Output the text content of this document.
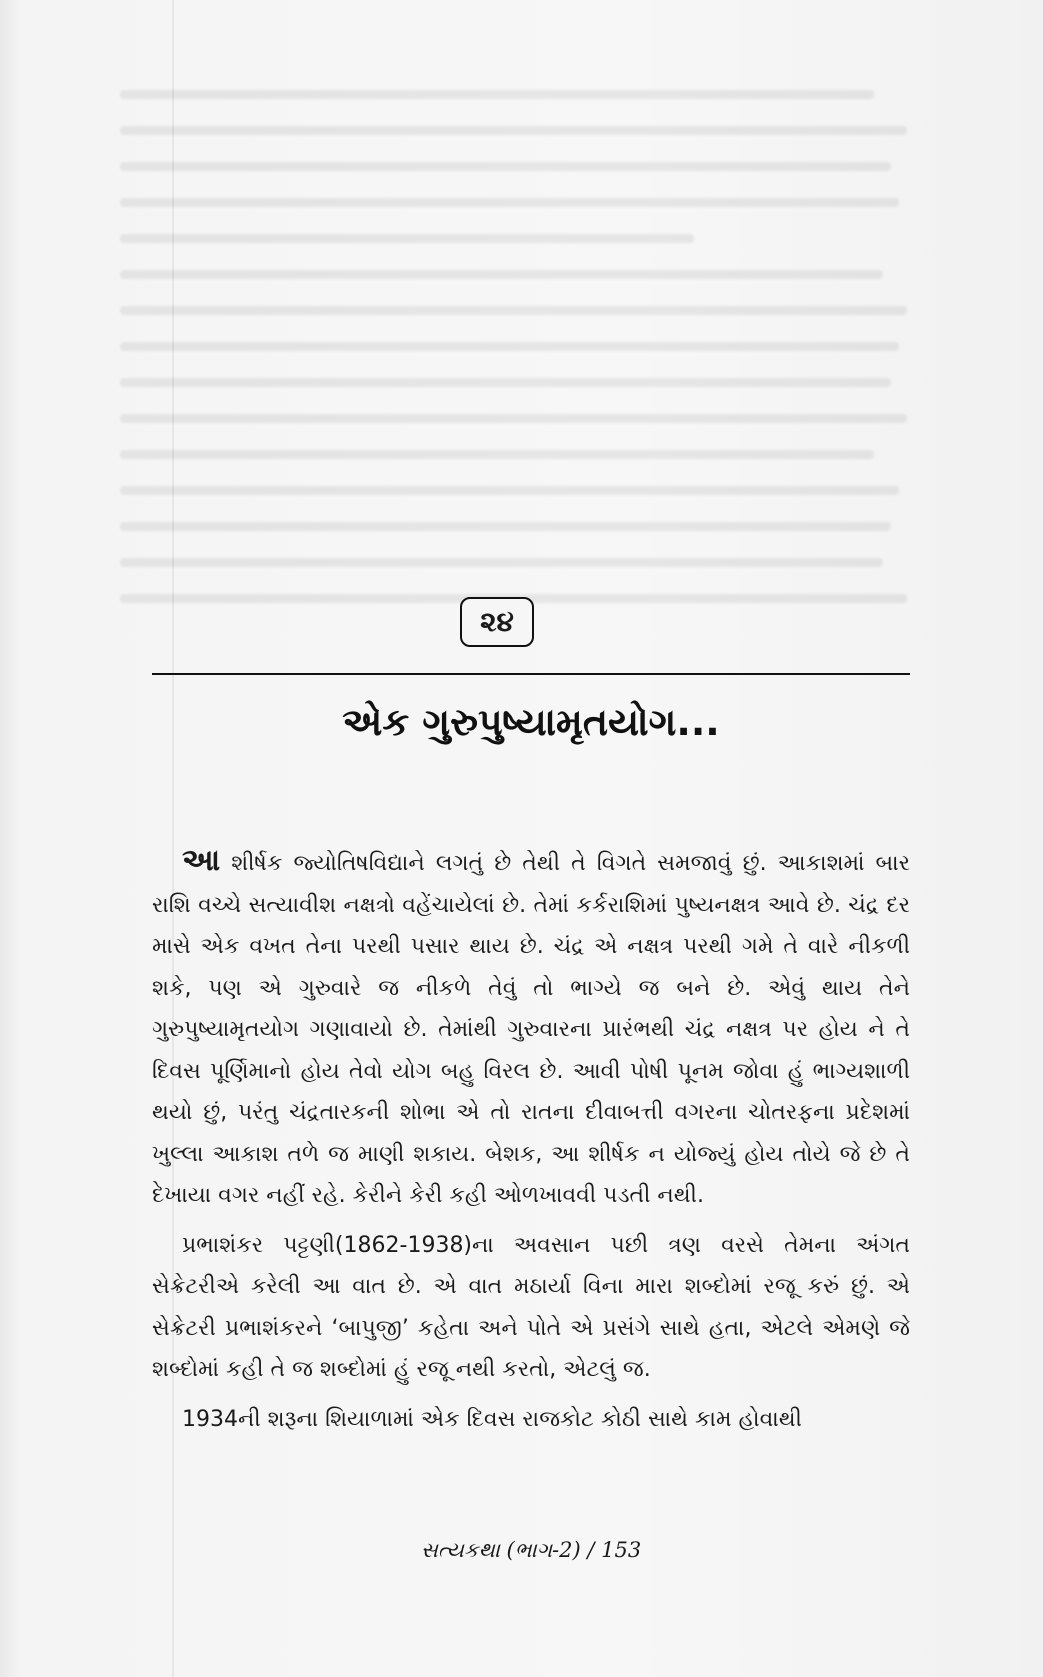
૨૪
એક ગુરુપુષ્યામૃતયોગ...

આ શીર્ષક જ્યોતિષવિદ્યાને લગતું છે તેથી તે વિગતે સમજાવું છું. આકાશમાં બાર રાશિ વચ્ચે સત્યાવીશ નક્ષત્રો વહેંચાયેલાં છે. તેમાં કર્કરાશિમાં પુષ્યનક્ષત્ર આવે છે. ચંદ્ર દર માસે એક વખત તેના પરથી પસાર થાય છે. ચંદ્ર એ નક્ષત્ર પરથી ગમે તે વારે નીકળી શકે, પણ એ ગુરુવારે જ નીકળે તેવું તો ભાગ્યે જ બને છે. એવું થાય તેને ગુરુપુષ્યામૃતયોગ ગણાવાયો છે. તેમાંથી ગુરુવારના પ્રારંભથી ચંદ્ર નક્ષત્ર પર હોય ને તે દિવસ પૂર્ણિમાનો હોય તેવો યોગ બહુ વિરલ છે. આવી પોષી પૂનમ જોવા હું ભાગ્યશાળી થયો છું, પરંતુ ચંદ્રતારકની શોભા એ તો રાતના દીવાબત્તી વગરના ચોતરફના પ્રદેશમાં ખુલ્લા આકાશ તળે જ માણી શકાય. બેશક, આ શીર્ષક ન યોજ્યું હોય તોયે જે છે તે દેખાયા વગર નહીં રહે. કેરીને કેરી કહી ઓળખાવવી પડતી નથી.

પ્રભાશંકર પટ્ટણી(1862-1938)ના અવસાન પછી ત્રણ વરસે તેમના અંગત સેક્રેટરીએ કરેલી આ વાત છે. એ વાત મઠાર્યા વિના મારા શબ્દોમાં રજૂ કરું છું. એ સેક્રેટરી પ્રભાશંકરને ‘બાપુજી’ કહેતા અને પોતે એ પ્રસંગે સાથે હતા, એટલે એમણે જે શબ્દોમાં કહી તે જ શબ્દોમાં હું રજૂ નથી કરતો, એટલું જ.

1934ની શરૂના શિયાળામાં એક દિવસ રાજકોટ કોઠી સાથે કામ હોવાથી

સત્યકથા (ભાગ-2) / 153
